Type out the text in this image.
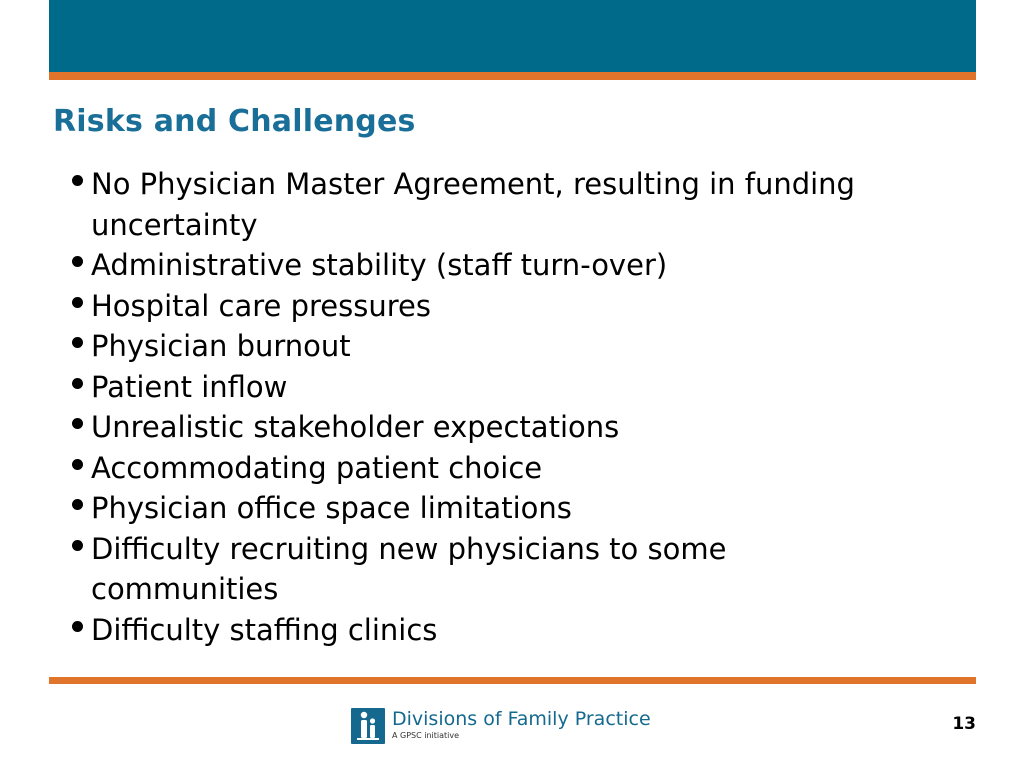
Risks and Challenges
No Physician Master Agreement, resulting in funding uncertainty
Administrative stability (staff turn-over)
Hospital care pressures
Physician burnout
Patient inflow
Unrealistic stakeholder expectations
Accommodating patient choice
Physician office space limitations
Difficulty recruiting new physicians to some communities
Difficulty staffing clinics
Divisions of Family Practice
A GPSC initiative
13
